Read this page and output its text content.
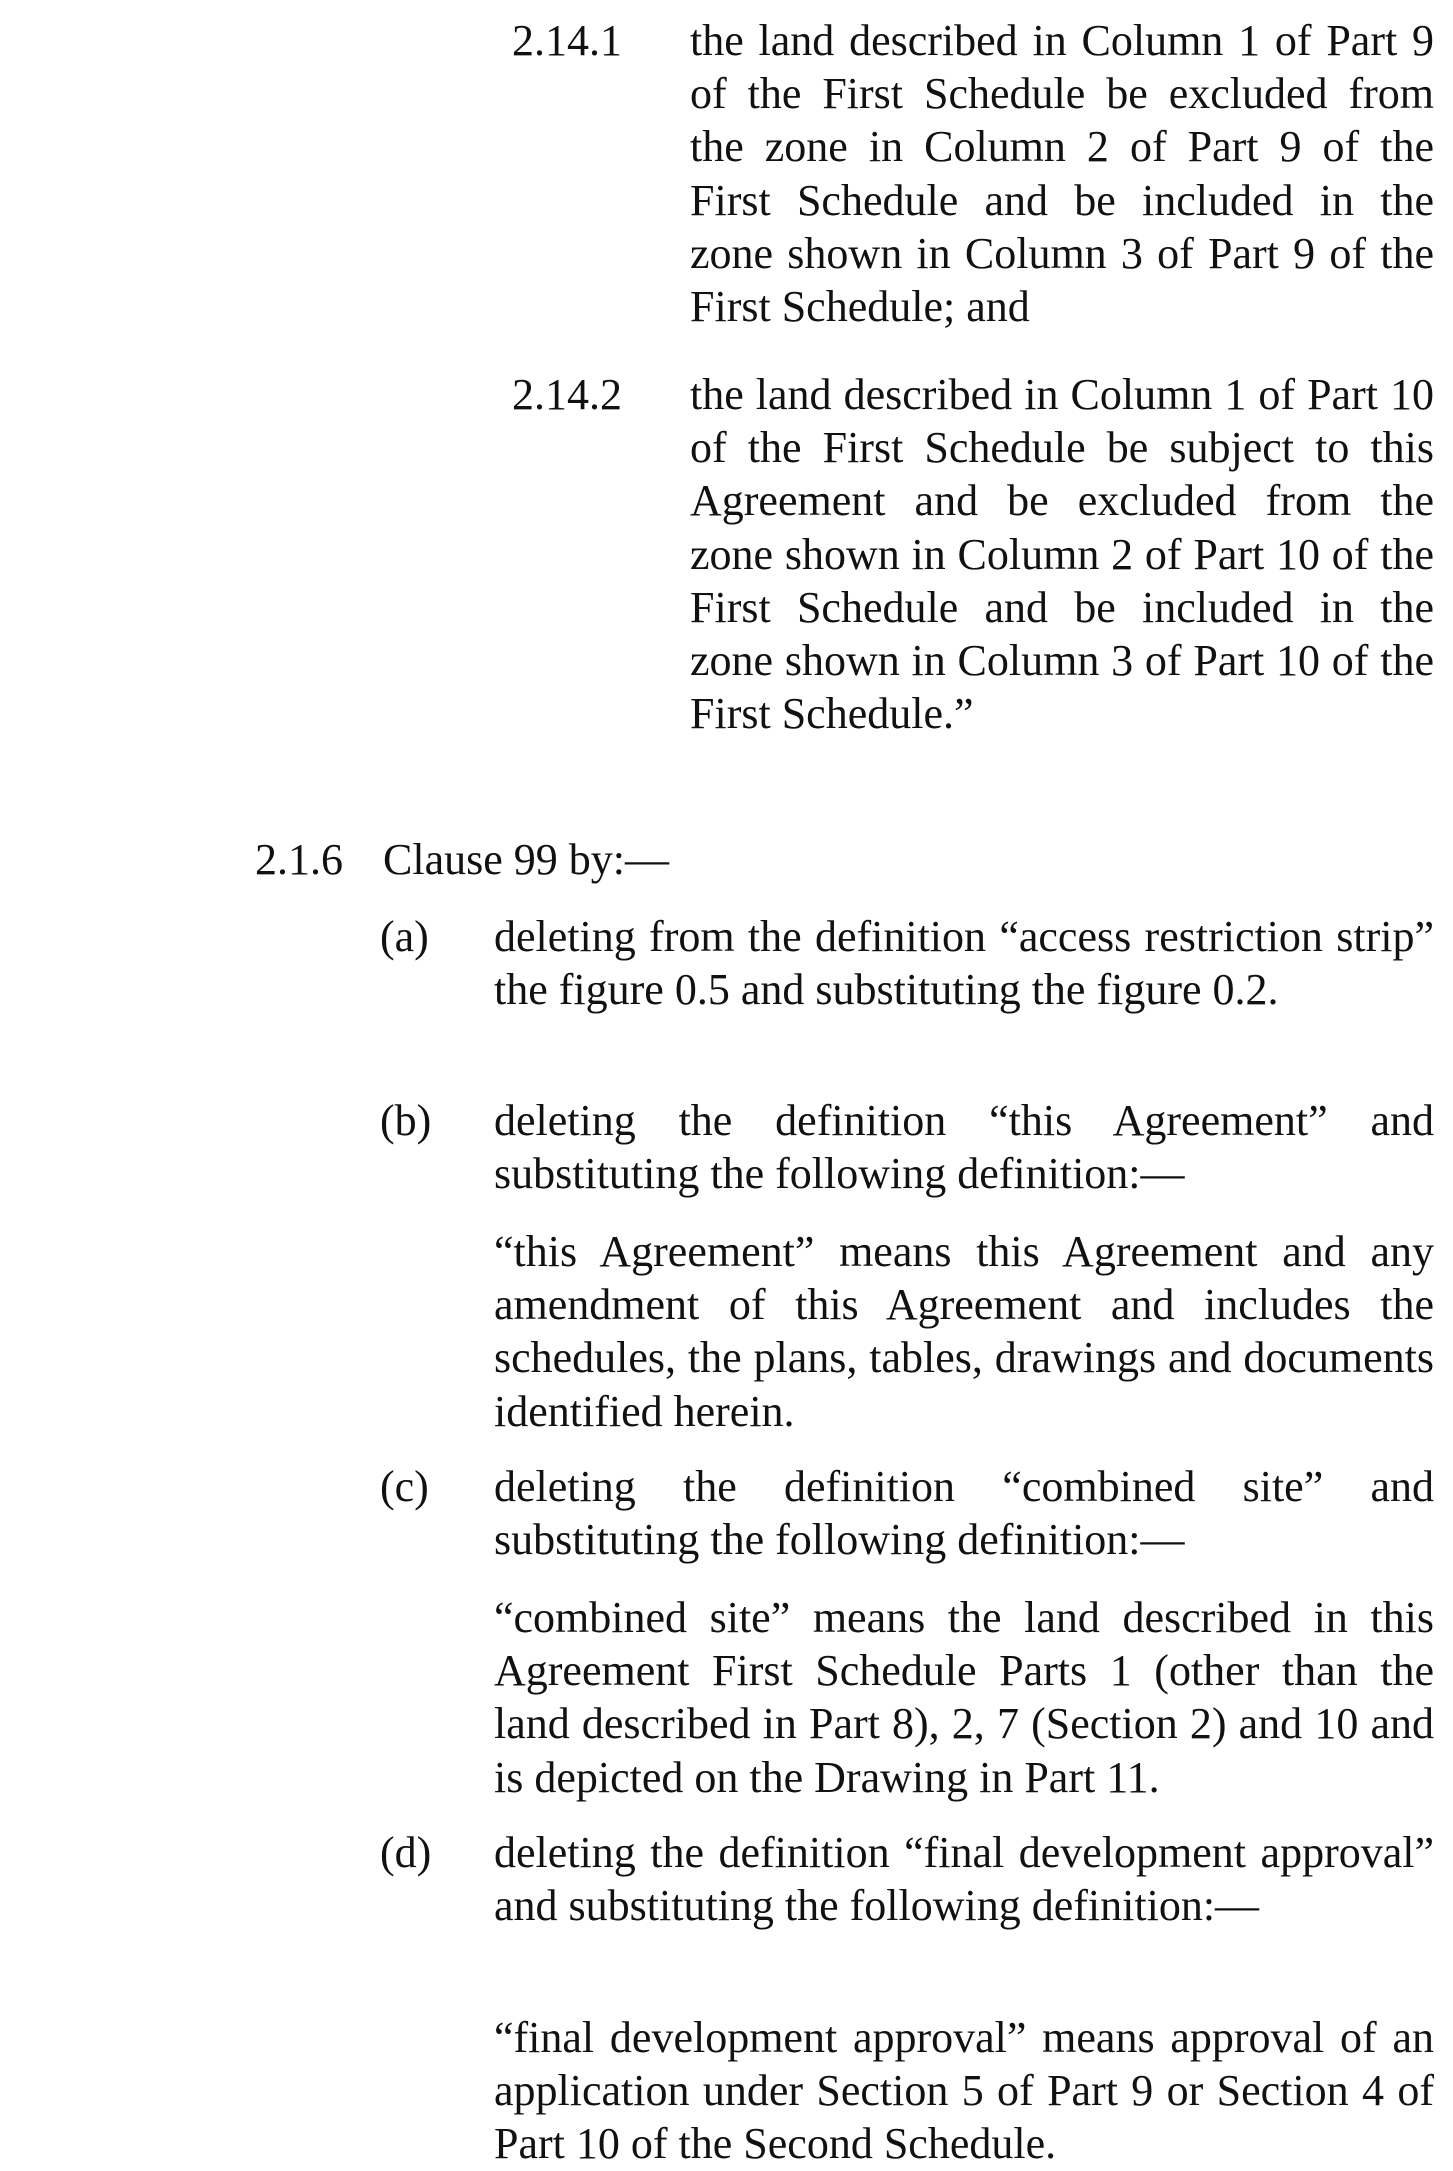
2.14.1 the land described in Column 1 of Part 9 of the First Schedule be excluded from the zone in Column 2 of Part 9 of the First Schedule and be included in the zone shown in Column 3 of Part 9 of the First Schedule; and

2.14.2 the land described in Column 1 of Part 10 of the First Schedule be subject to this Agreement and be excluded from the zone shown in Column 2 of Part 10 of the First Schedule and be included in the zone shown in Column 3 of Part 10 of the First Schedule.”

2.1.6 Clause 99 by:—
(a) deleting from the definition “access restriction strip” the figure 0.5 and substituting the figure 0.2.

(b) deleting the definition “this Agreement” and substituting the following definition:—

“this Agreement” means this Agreement and any amendment of this Agreement and includes the schedules, the plans, tables, drawings and documents identified herein.

(c) deleting the definition “combined site” and substituting the following definition:—

“combined site” means the land described in this Agreement First Schedule Parts 1 (other than the land described in Part 8), 2, 7 (Section 2) and 10 and is depicted on the Drawing in Part 11.

(d) deleting the definition “final development approval” and substituting the following definition:—

“final development approval” means approval of an application under Section 5 of Part 9 or Section 4 of Part 10 of the Second Schedule.
